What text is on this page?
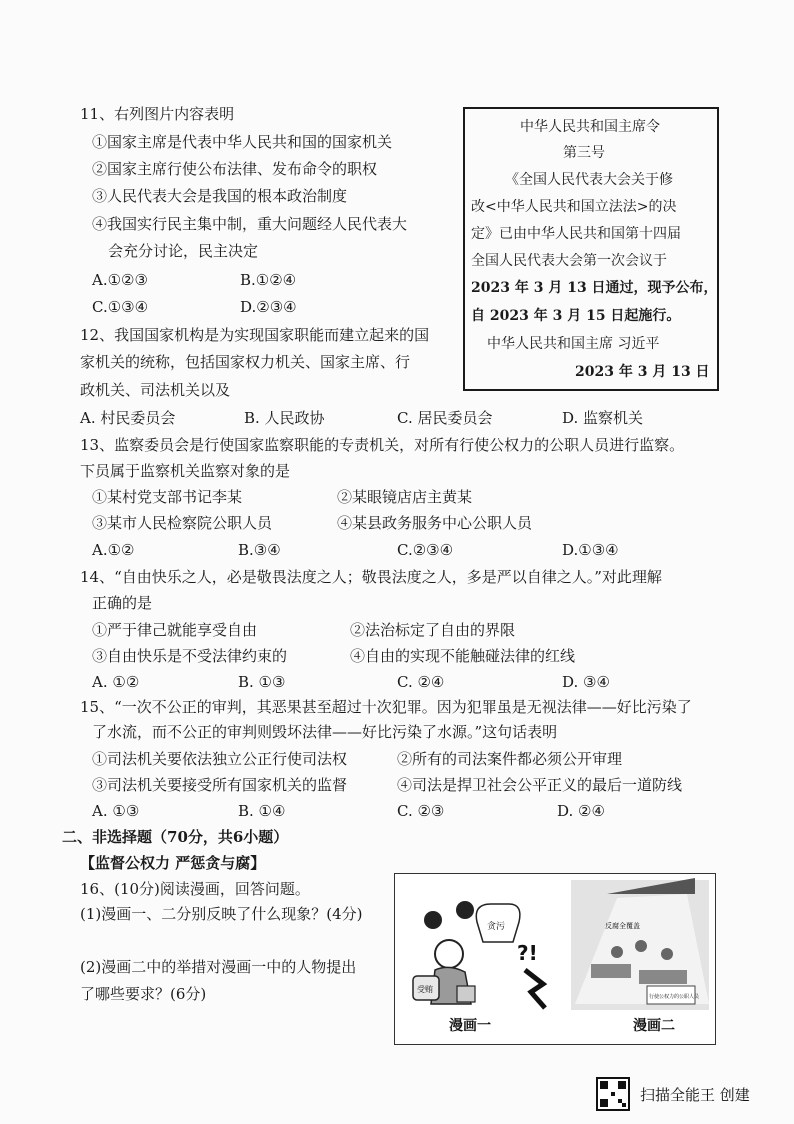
11、右列图片内容表明
①国家主席是代表中华人民共和国的国家机关
②国家主席行使公布法律、发布命令的职权
③人民代表大会是我国的根本政治制度
④我国实行民主集中制，重大问题经人民代表大
会充分讨论，民主决定
A.①②③	B.①②④
C.①③④	D.②③④
中华人民共和国主席令
第三号
《全国人民代表大会关于修
改<中华人民共和国立法法>的决
定》已由中华人民共和国第十四届
全国人民代表大会第一次会议于
2023 年 3 月 13 日通过，现予公布，
自 2023 年 3 月 15 日起施行。
中华人民共和国主席 习近平
2023 年 3 月 13 日
12、我国国家机构是为实现国家职能而建立起来的国
家机关的统称，包括国家权力机关、国家主席、行
政机关、司法机关以及
A. 村民委员会	B. 人民政协	C. 居民委员会	D. 监察机关
13、监察委员会是行使国家监察职能的专责机关，对所有行使公权力的公职人员进行监察。
下员属于监察机关监察对象的是
①某村党支部书记李某	②某眼镜店店主黄某
③某市人民检察院公职人员	④某县政务服务中心公职人员
A.①②	B.③④	C.②③④	D.①③④
14、“自由快乐之人，必是敬畏法度之人；敬畏法度之人，多是严以自律之人。”对此理解
正确的是
①严于律己就能享受自由	②法治标定了自由的界限
③自由快乐是不受法律约束的	④自由的实现不能触碰法律的红线
A. ①②	B. ①③	C. ②④	D. ③④
15、“一次不公正的审判，其恶果甚至超过十次犯罪。因为犯罪虽是无视法律——好比污染了
了水流，而不公正的审判则毁坏法律——好比污染了水源。”这句话表明
①司法机关要依法独立公正行使司法权	②所有的司法案件都必须公开审理
③司法机关要接受所有国家机关的监督	④司法是捍卫社会公平正义的最后一道防线
A. ①③	B. ①④	C. ②③	D. ②④
二、非选择题（70分，共6小题）
【监督公权力 严惩贪与腐】
16、(10分)阅读漫画，回答问题。
(1)漫画一、二分别反映了什么现象？(4分)
(2)漫画二中的举措对漫画一中的人物提出
了哪些要求？(6分)	受贿
贪污
?!
反腐全覆盖
行使公权力的公职人员
漫画一	漫画二
扫描全能王 创建
